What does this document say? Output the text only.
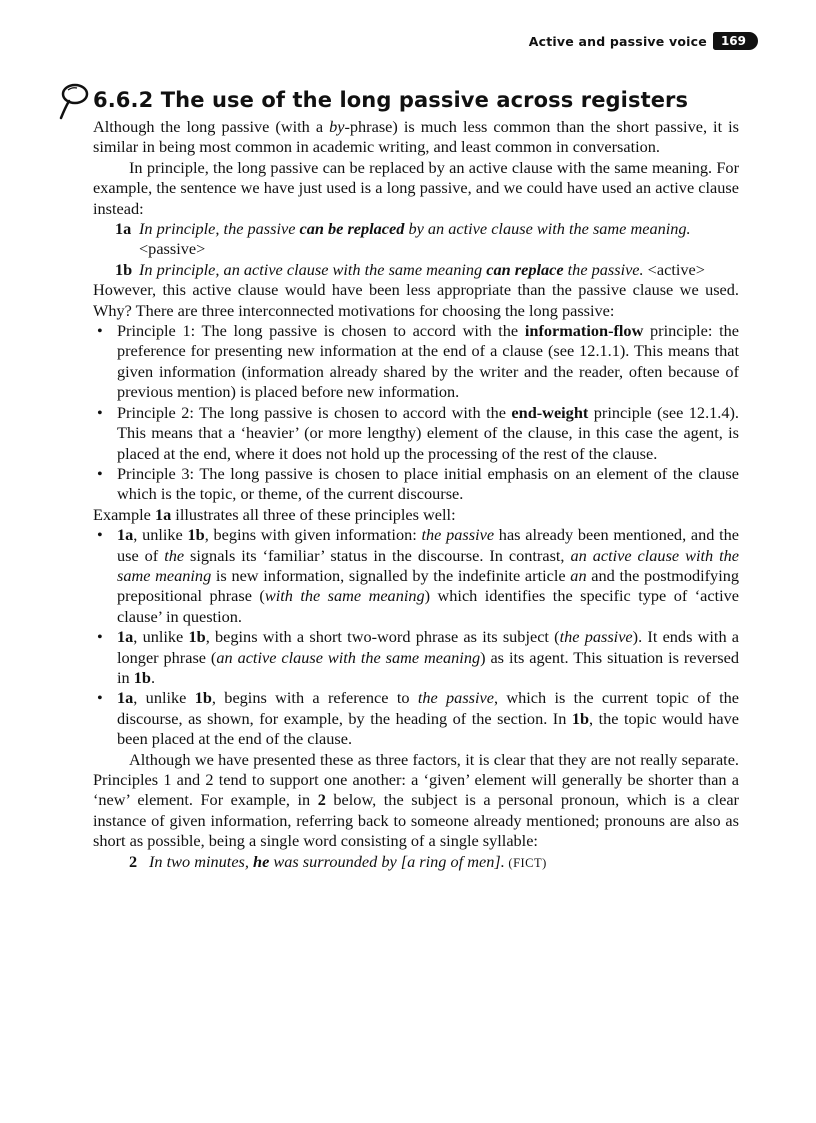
Active and passive voice	169
6.6.2 The use of the long passive across registers

Although the long passive (with a by-phrase) is much less common than the short passive, it is similar in being most common in academic writing, and least common in conversation.

In principle, the long passive can be replaced by an active clause with the same meaning. For example, the sentence we have just used is a long passive, and we could have used an active clause instead:

1a In principle, the passive can be replaced by an active clause with the same meaning. <passive>
1b In principle, an active clause with the same meaning can replace the passive. <active>

However, this active clause would have been less appropriate than the passive clause we used. Why? There are three interconnected motivations for choosing the long passive:

• Principle 1: The long passive is chosen to accord with the information-flow principle: the preference for presenting new information at the end of a clause (see 12.1.1). This means that given information (information already shared by the writer and the reader, often because of previous mention) is placed before new information.
• Principle 2: The long passive is chosen to accord with the end-weight principle (see 12.1.4). This means that a ‘heavier’ (or more lengthy) element of the clause, in this case the agent, is placed at the end, where it does not hold up the processing of the rest of the clause.
• Principle 3: The long passive is chosen to place initial emphasis on an element of the clause which is the topic, or theme, of the current discourse.

Example 1a illustrates all three of these principles well:

• 1a, unlike 1b, begins with given information: the passive has already been mentioned, and the use of the signals its ‘familiar’ status in the discourse. In contrast, an active clause with the same meaning is new information, signalled by the indefinite article an and the postmodifying prepositional phrase (with the same meaning) which identifies the specific type of ‘active clause’ in question.
• 1a, unlike 1b, begins with a short two-word phrase as its subject (the passive). It ends with a longer phrase (an active clause with the same meaning) as its agent. This situation is reversed in 1b.
• 1a, unlike 1b, begins with a reference to the passive, which is the current topic of the discourse, as shown, for example, by the heading of the section. In 1b, the topic would have been placed at the end of the clause.

Although we have presented these as three factors, it is clear that they are not really separate. Principles 1 and 2 tend to support one another: a ‘given’ element will generally be shorter than a ‘new’ element. For example, in 2 below, the subject is a personal pronoun, which is a clear instance of given information, referring back to someone already mentioned; pronouns are also as short as possible, being a single word consisting of a single syllable:

2 In two minutes, he was surrounded by [a ring of men]. (FICT)
